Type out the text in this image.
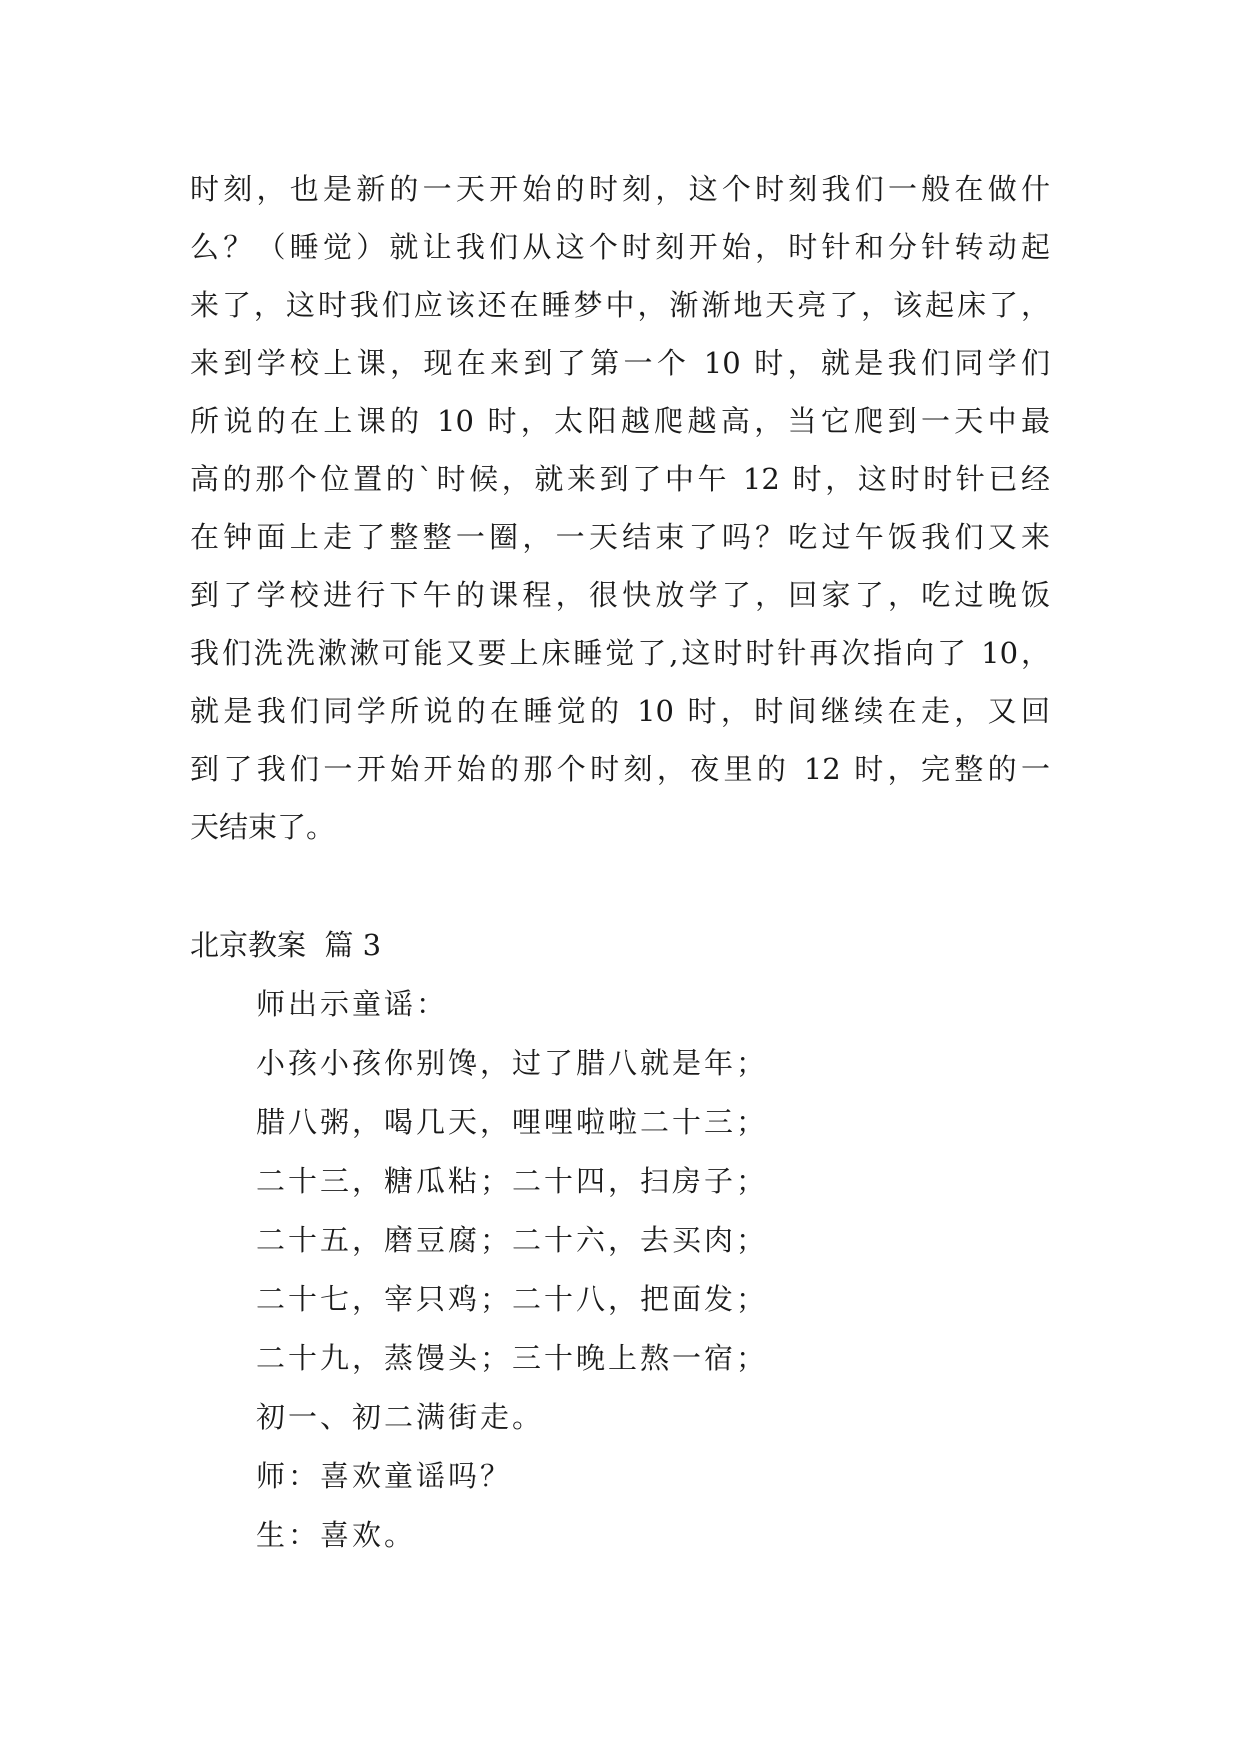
时刻，也是新的一天开始的时刻，这个时刻我们一般在做什
么？（睡觉）就让我们从这个时刻开始，时针和分针转动起
来了，这时我们应该还在睡梦中，渐渐地天亮了，该起床了，
来到学校上课，现在来到了第一个 10 时，就是我们同学们
所说的在上课的 10 时，太阳越爬越高，当它爬到一天中最
高的那个位置的`时候，就来到了中午 12 时，这时时针已经
在钟面上走了整整一圈，一天结束了吗？吃过午饭我们又来
到了学校进行下午的课程，很快放学了，回家了，吃过晚饭
我们洗洗漱漱可能又要上床睡觉了,这时时针再次指向了 10，
就是我们同学所说的在睡觉的 10 时，时间继续在走，又回
到了我们一开始开始的那个时刻，夜里的 12 时，完整的一
天结束了。
北京教案  篇 3
师出示童谣：
小孩小孩你别馋，过了腊八就是年；
腊八粥，喝几天，哩哩啦啦二十三；
二十三，糖瓜粘；二十四，扫房子；
二十五，磨豆腐；二十六，去买肉；
二十七，宰只鸡；二十八，把面发；
二十九，蒸馒头；三十晚上熬一宿；
初一、初二满街走。
师：喜欢童谣吗？
生：喜欢。
